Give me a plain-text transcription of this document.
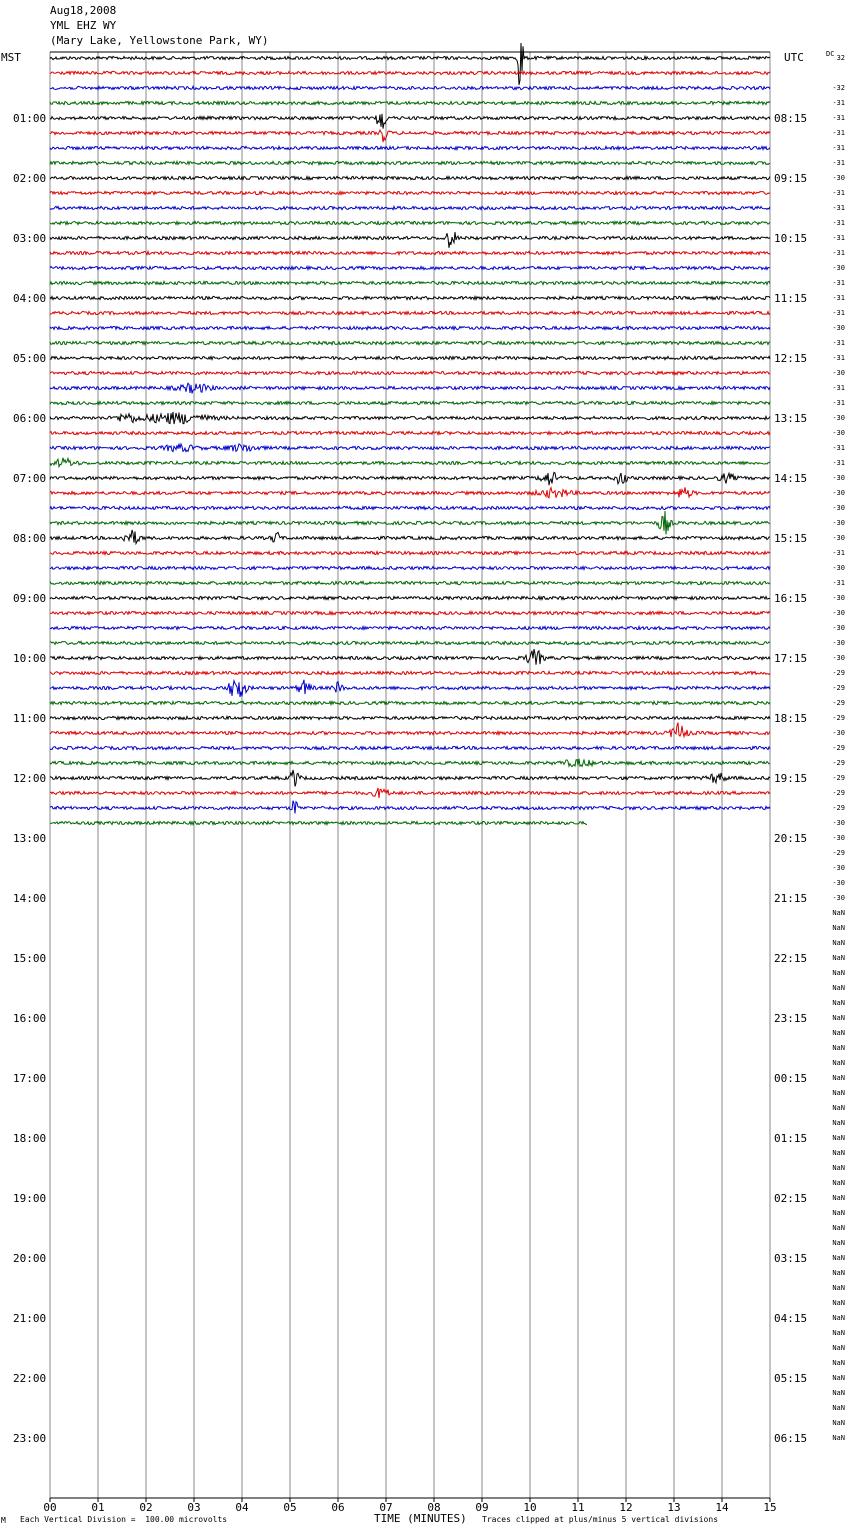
Aug18,2008
YML EHZ WY
(Mary Lake, Yellowstone Park, WY)
MST	UTC	DC
01:00
02:00
03:00
04:00
05:00
06:00
07:00
08:00
09:00
10:00
11:00
12:00
13:00
14:00
15:00
16:00
17:00
18:00
19:00
20:00
21:00
22:00
23:00
08:15
09:15
10:15
11:15
12:15
13:15
14:15
15:15
16:15
17:15
18:15
19:15
20:15
21:15
22:15
23:15
00:15
01:15
02:15
03:15
04:15
05:15
06:15
32
-32
-31
-31
-31
-31
-31
-30
-31
-31
-31
-31
-31
-30
-31
-31
-31
-30
-31
-31
-30
-31
-31
-30
-30
-31
-31
-30
-30
-30
-30
-30
-31
-30
-31
-30
-30
-30
-30
-30
-29
-29
-29
-29
-30
-29
-29
-29
-29
-29
-30
-30
-29
-30
-30
-30
NaN
NaN
NaN
NaN
NaN
NaN
NaN
NaN
NaN
NaN
NaN
NaN
NaN
NaN
NaN
NaN
NaN
NaN
NaN
NaN
NaN
NaN
NaN
NaN
NaN
NaN
NaN
NaN
NaN
NaN
NaN
NaN
NaN
NaN
NaN
NaN
00	01	02	03	04	05	06	07	08	09	10	11	12	13	14	15
M Each Vertical Division =  100.00 microvolts	TIME (MINUTES) Traces clipped at plus/minus 5 vertical divisions
